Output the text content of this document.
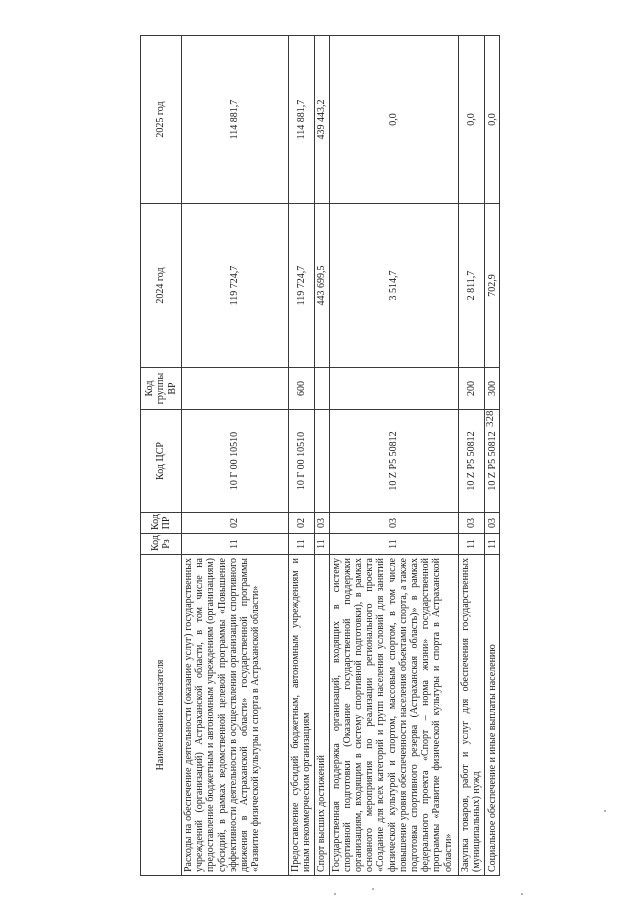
328
Наименование показателя	Код Рз	Код ПР	Код ЦСР	Код группы ВР	2024 год	2025 год
Расходы на обеспечение деятельности (оказание услуг) государственных учреждений (организаций) Астраханской области, в том числе на предоставление бюджетным и автономным учреждениям (организациям) субсидий, в рамках ведомственной целевой программы «Повышение эффективности деятельности в осуществлении организации спортивного движения в Астраханской области» государственной программы «Развитие физической культуры и спорта в Астраханской области»	11	02	10 Г 00 10510		119 724,7	114 881,7
Предоставление субсидий бюджетным, автономным учреждениям и иным некоммерческим организациям	11	02	10 Г 00 10510	600	119 724,7	114 881,7
Спорт высших достижений	11	03			443 699,5	439 443,2
Государственная поддержка организаций, входящих в систему спортивной подготовки (Оказание государственной поддержки организациям, входящим в систему спортивной подготовки), в рамках основного мероприятия по реализации регионального проекта «Создание для всех категорий и групп населения условий для занятий физической культурой и спортом, массовым спортом, в том числе повышение уровня обеспеченности населения объектами спорта, а также подготовка спортивного резерва (Астраханская область)» в рамках федерального проекта «Спорт – норма жизни» государственной программы «Развитие физической культуры и спорта в Астраханской области»	11	03	10 Z P5 50812		3 514,7	0,0
Закупка товаров, работ и услуг для обеспечения государственных (муниципальных) нужд	11	03	10 Z P5 50812	200	2 811,7	0,0
Социальное обеспечение и иные выплаты населению	11	03	10 Z P5 50812	300	702,9	0,0
